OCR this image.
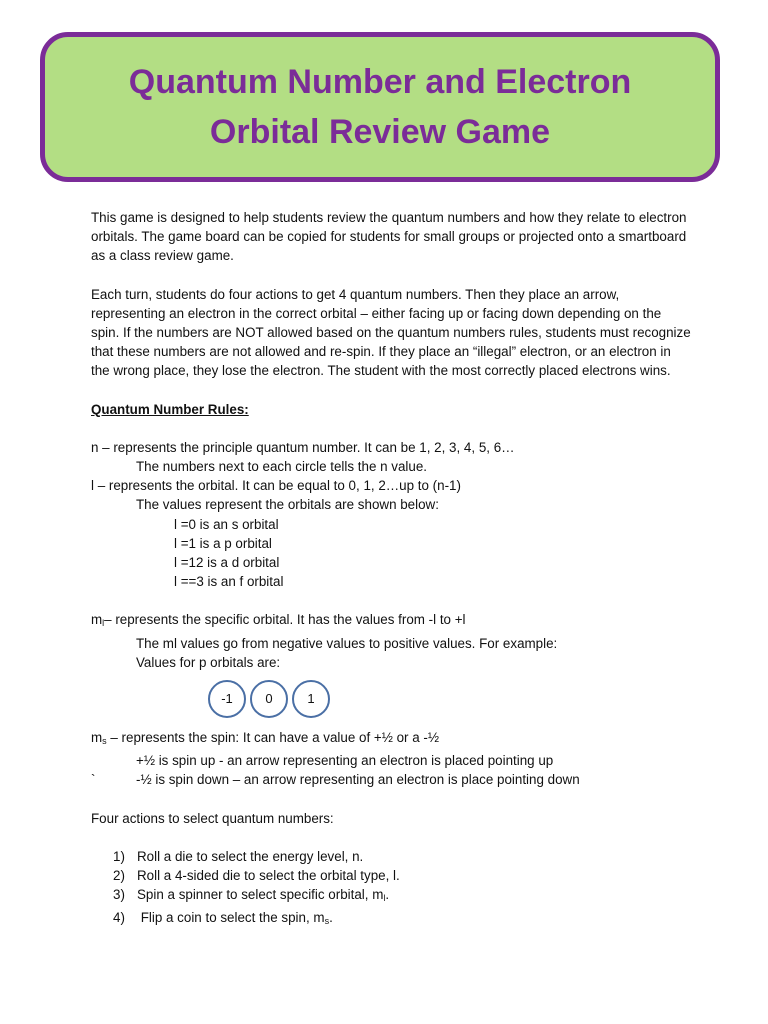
Quantum Number and Electron
Orbital Review Game

This game is designed to help students review the quantum numbers and how they relate to electron orbitals. The game board can be copied for students for small groups or projected onto a smartboard as a class review game.

Each turn, students do four actions to get 4 quantum numbers. Then they place an arrow, representing an electron in the correct orbital – either facing up or facing down depending on the spin. If the numbers are NOT allowed based on the quantum numbers rules, students must recognize that these numbers are not allowed and re-spin. If they place an “illegal” electron, or an electron in the wrong place, they lose the electron. The student with the most correctly placed electrons wins.

Quantum Number Rules:

n – represents the principle quantum number. It can be 1, 2, 3, 4, 5, 6…

The numbers next to each circle tells the n value.

l – represents the orbital. It can be equal to 0, 1, 2…up to (n-1)

The values represent the orbitals are shown below:

l =0 is an s orbital

l =1 is a p orbital

l =12 is a d orbital

l ==3 is an f orbital

$m_l-$ represents the specific orbital. It has the values from -l to +l

The ml values go from negative values to positive values. For example:

Values for p orbitals are:

-1	0	1

$m_s$ – represents the spin: It can have a value of +½ or a -½

+½ is spin up - an arrow representing an electron is placed pointing up

`	-½ is spin down – an arrow representing an electron is place pointing down

Four actions to select quantum numbers:

1) Roll a die to select the energy level, n.
2) Roll a 4-sided die to select the orbital type, l.
3) Spin a spinner to select specific orbital, $m_l$.
4) Flip a coin to select the spin, $m_s$.
